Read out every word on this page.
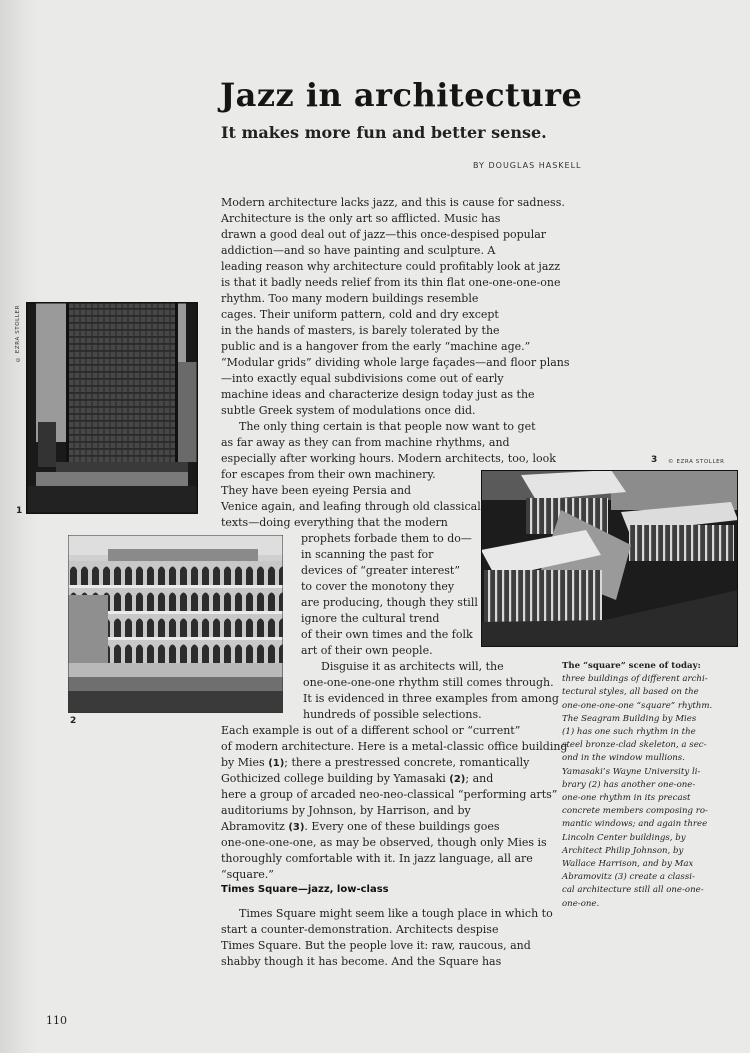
Jazz in architecture
It makes more fun and better sense.
BY DOUGLAS HASKELL
Modern architecture lacks jazz, and this is cause for sadness.
Architecture is the only art so afflicted. Music has
drawn a good deal out of jazz—this once-despised popular
addiction—and so have painting and sculpture. A
leading reason why architecture could profitably look at jazz
is that it badly needs relief from its thin flat one-one-one-one
rhythm. Too many modern buildings resemble
cages. Their uniform pattern, cold and dry except
in the hands of masters, is barely tolerated by the
public and is a hangover from the early “machine age.”
“Modular grids” dividing whole large façades—and floor plans
—into exactly equal subdivisions come out of early
machine ideas and characterize design today just as the
subtle Greek system of modulations once did.
The only thing certain is that people now want to get
as far away as they can from machine rhythms, and
especially after working hours. Modern architects, too, look
for escapes from their own machinery.
They have been eyeing Persia and
Venice again, and leafing through old classical
texts—doing everything that the modern
prophets forbade them to do—
in scanning the past for
devices of “greater interest”
to cover the monotony they
are producing, though they still
ignore the cultural trend
of their own times and the folk
art of their own people.
Disguise it as architects will, the
one-one-one-one rhythm still comes through.
It is evidenced in three examples from among
hundreds of possible selections.
Each example is out of a different school or “current”
of modern architecture. Here is a metal-classic office building
by Mies (1); there a prestressed concrete, romantically
Gothicized college building by Yamasaki (2); and
here a group of arcaded neo-neo-classical “performing arts”
auditoriums by Johnson, by Harrison, and by
Abramovitz (3). Every one of these buildings goes
one-one-one-one, as may be observed, though only Mies is
thoroughly comfortable with it. In jazz language, all are
“square.”
Times Square—jazz, low-class
Times Square might seem like a tough place in which to
start a counter-demonstration. Architects despise
Times Square. But the people love it: raw, raucous, and
shabby though it has become. And the Square has
The “square” scene of today:
three buildings of different archi-
tectural styles, all based on the
one-one-one-one “square” rhythm.
The Seagram Building by Mies
(1) has one such rhythm in the
steel bronze-clad skeleton, a sec-
ond in the window mullions.
Yamasaki’s Wayne University li-
brary (2) has another one-one-
one-one rhythm in its precast
concrete members composing ro-
mantic windows; and again three
Lincoln Center buildings, by
Architect Philip Johnson, by
Wallace Harrison, and by Max
Abramovitz (3) create a classi-
cal architecture still all one-one-
one-one.
© EZRA STOLLER
1
2
3 © EZRA STOLLER
110
